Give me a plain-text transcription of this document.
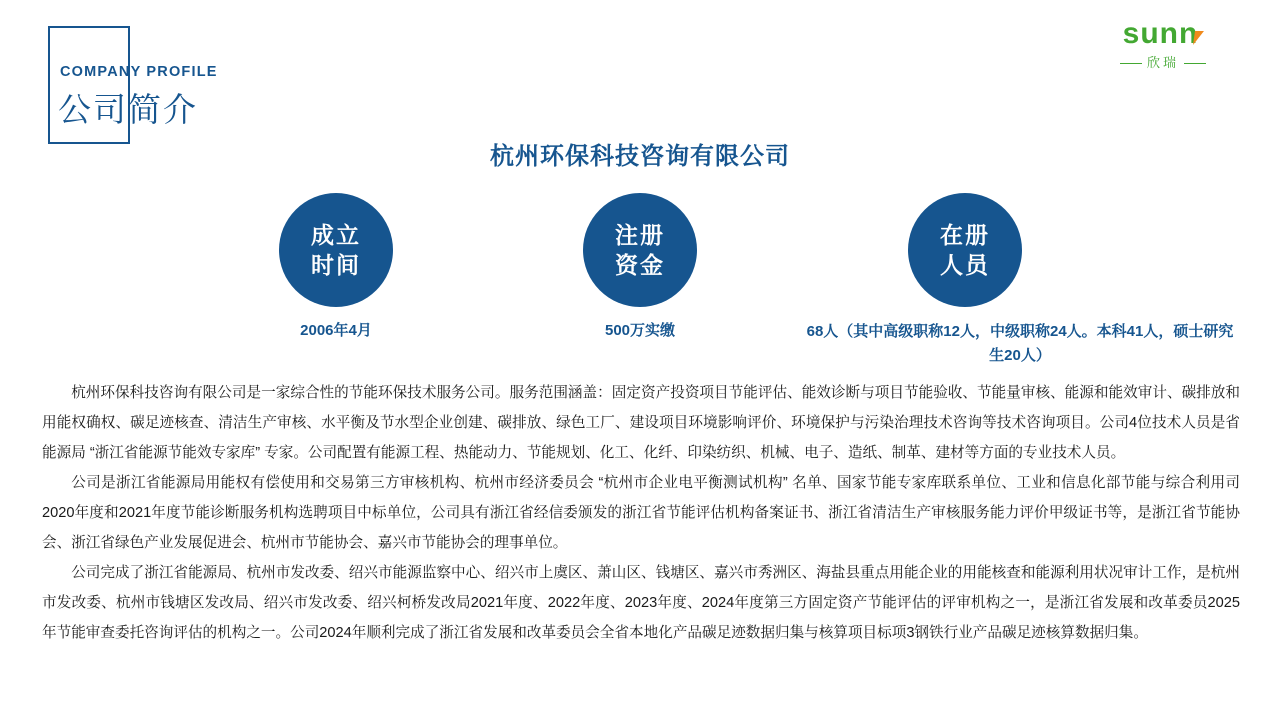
COMPANY PROFILE
公司简介
sunn
欣瑞
杭州环保科技咨询有限公司
成立
时间
2006年4月
注册
资金
500万实缴
在册
人员
68人（其中高级职称12人，中级职称24人。本科41人，硕士研究生20人）

杭州环保科技咨询有限公司是一家综合性的节能环保技术服务公司。服务范围涵盖：固定资产投资项目节能评估、能效诊断与项目节能验收、节能量审核、能源和能效审计、碳排放和用能权确权、碳足迹核查、清洁生产审核、水平衡及节水型企业创建、碳排放、绿色工厂、建设项目环境影响评价、环境保护与污染治理技术咨询等技术咨询项目。公司4位技术人员是省能源局 “浙江省能源节能效专家库” 专家。公司配置有能源工程、热能动力、节能规划、化工、化纤、印染纺织、机械、电子、造纸、制革、建材等方面的专业技术人员。

公司是浙江省能源局用能权有偿使用和交易第三方审核机构、杭州市经济委员会 “杭州市企业电平衡测试机构” 名单、国家节能专家库联系单位、工业和信息化部节能与综合利用司2020年度和2021年度节能诊断服务机构选聘项目中标单位，公司具有浙江省经信委颁发的浙江省节能评估机构备案证书、浙江省清洁生产审核服务能力评价甲级证书等，是浙江省节能协会、浙江省绿色产业发展促进会、杭州市节能协会、嘉兴市节能协会的理事单位。

公司完成了浙江省能源局、杭州市发改委、绍兴市能源监察中心、绍兴市上虞区、萧山区、钱塘区、嘉兴市秀洲区、海盐县重点用能企业的用能核查和能源利用状况审计工作，是杭州市发改委、杭州市钱塘区发改局、绍兴市发改委、绍兴柯桥发改局2021年度、2022年度、2023年度、2024年度第三方固定资产节能评估的评审机构之一，是浙江省发展和改革委员2025年节能审查委托咨询评估的机构之一。公司2024年顺利完成了浙江省发展和改革委员会全省本地化产品碳足迹数据归集与核算项目标项3钢铁行业产品碳足迹核算数据归集。
